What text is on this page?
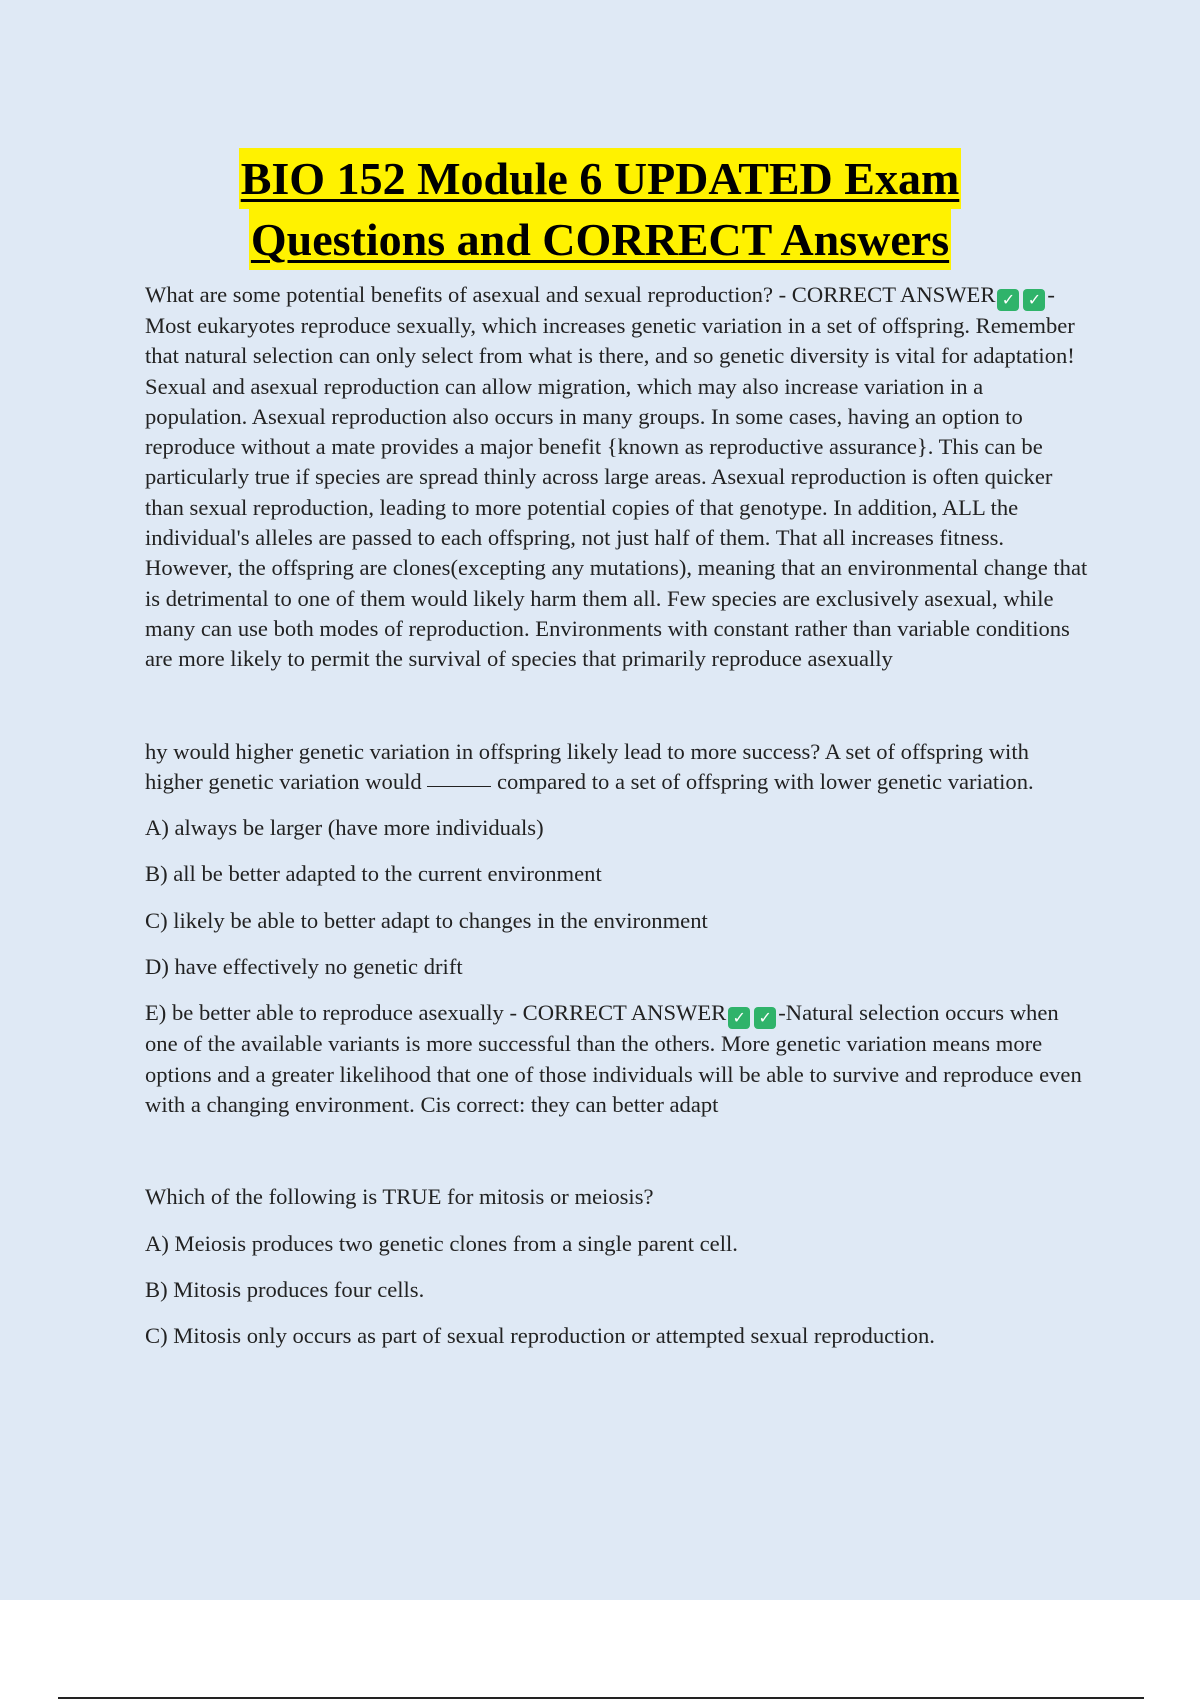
BIO 152 Module 6 UPDATED Exam
Questions and CORRECT Answers

What are some potential benefits of asexual and sexual reproduction? - CORRECT ANSWER ✓ ✓ -Most eukaryotes reproduce sexually, which increases genetic variation in a set of offspring. Remember that natural selection can only select from what is there, and so genetic diversity is vital for adaptation! Sexual and asexual reproduction can allow migration, which may also increase variation in a population. Asexual reproduction also occurs in many groups. In some cases, having an option to reproduce without a mate provides a major benefit {known as reproductive assurance}. This can be particularly true if species are spread thinly across large areas. Asexual reproduction is often quicker than sexual reproduction, leading to more potential copies of that genotype. In addition, ALL the individual's alleles are passed to each offspring, not just half of them. That all increases fitness. However, the offspring are clones(excepting any mutations), meaning that an environmental change that is detrimental to one of them would likely harm them all. Few species are exclusively asexual, while many can use both modes of reproduction. Environments with constant rather than variable conditions are more likely to permit the survival of species that primarily reproduce asexually

hy would higher genetic variation in offspring likely lead to more success? A set of offspring with higher genetic variation would	compared to a set of offspring with lower genetic variation.

A) always be larger (have more individuals)

B) all be better adapted to the current environment

C) likely be able to better adapt to changes in the environment

D) have effectively no genetic drift

E) be better able to reproduce asexually - CORRECT ANSWER ✓ ✓ -Natural selection occurs when one of the available variants is more successful than the others. More genetic variation means more options and a greater likelihood that one of those individuals will be able to survive and reproduce even with a changing environment. Cis correct: they can better adapt

Which of the following is TRUE for mitosis or meiosis?

A) Meiosis produces two genetic clones from a single parent cell.

B) Mitosis produces four cells.

C) Mitosis only occurs as part of sexual reproduction or attempted sexual reproduction.
